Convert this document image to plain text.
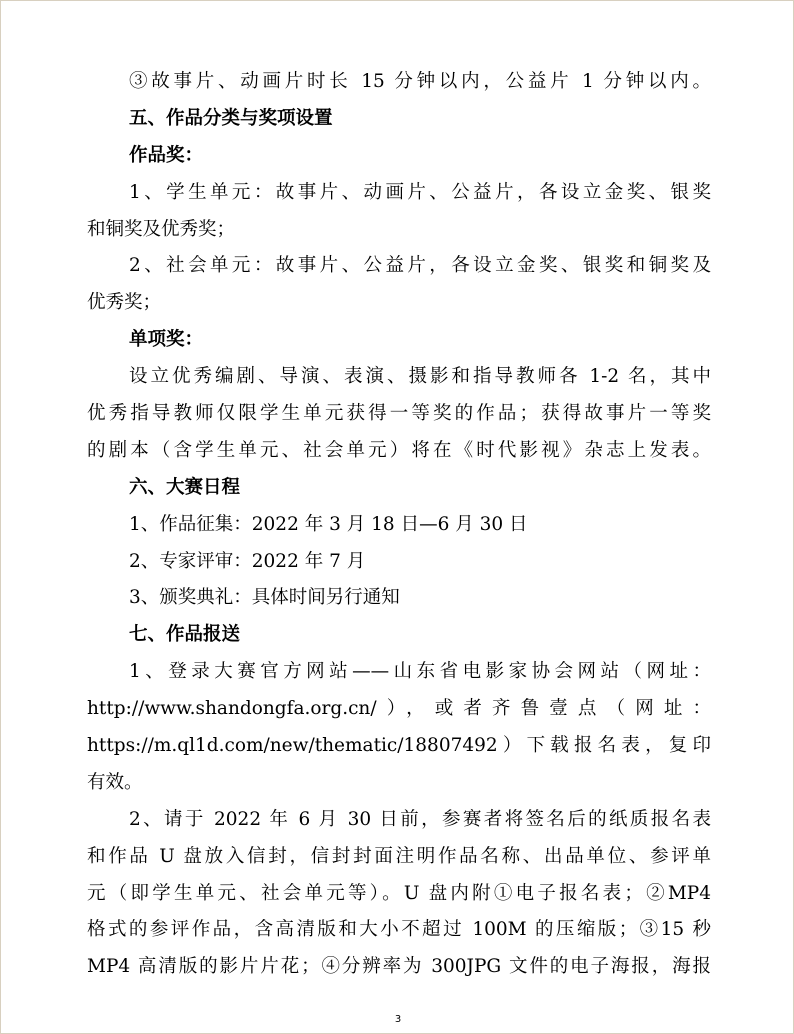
③故事片、动画片时长 15 分钟以内，公益片 1 分钟以内。
五、作品分类与奖项设置
作品奖：
1、学生单元：故事片、动画片、公益片，各设立金奖、银奖
和铜奖及优秀奖；
2、社会单元：故事片、公益片，各设立金奖、银奖和铜奖及
优秀奖；
单项奖：
设立优秀编剧、导演、表演、摄影和指导教师各 1-2 名，其中
优秀指导教师仅限学生单元获得一等奖的作品；获得故事片一等奖
的剧本（含学生单元、社会单元）将在《时代影视》杂志上发表。
六、大赛日程
1、作品征集：2022 年 3 月 18 日—6 月 30 日
2、专家评审：2022 年 7 月
3、颁奖典礼：具体时间另行通知
七、作品报送
1、登录大赛官方网站——山东省电影家协会网站（网址：
http://www.shandongfa.org.cn/），或者齐鲁壹点（网址：
https://m.ql1d.com/new/thematic/18807492）下载报名表，复印
有效。
2、请于 2022 年 6 月 30 日前，参赛者将签名后的纸质报名表
和作品 U 盘放入信封，信封封面注明作品名称、出品单位、参评单
元（即学生单元、社会单元等）。U 盘内附①电子报名表；②MP4
格式的参评作品，含高清版和大小不超过 100M 的压缩版；③15 秒
MP4 高清版的影片片花；④分辨率为 300JPG 文件的电子海报，海报
3
